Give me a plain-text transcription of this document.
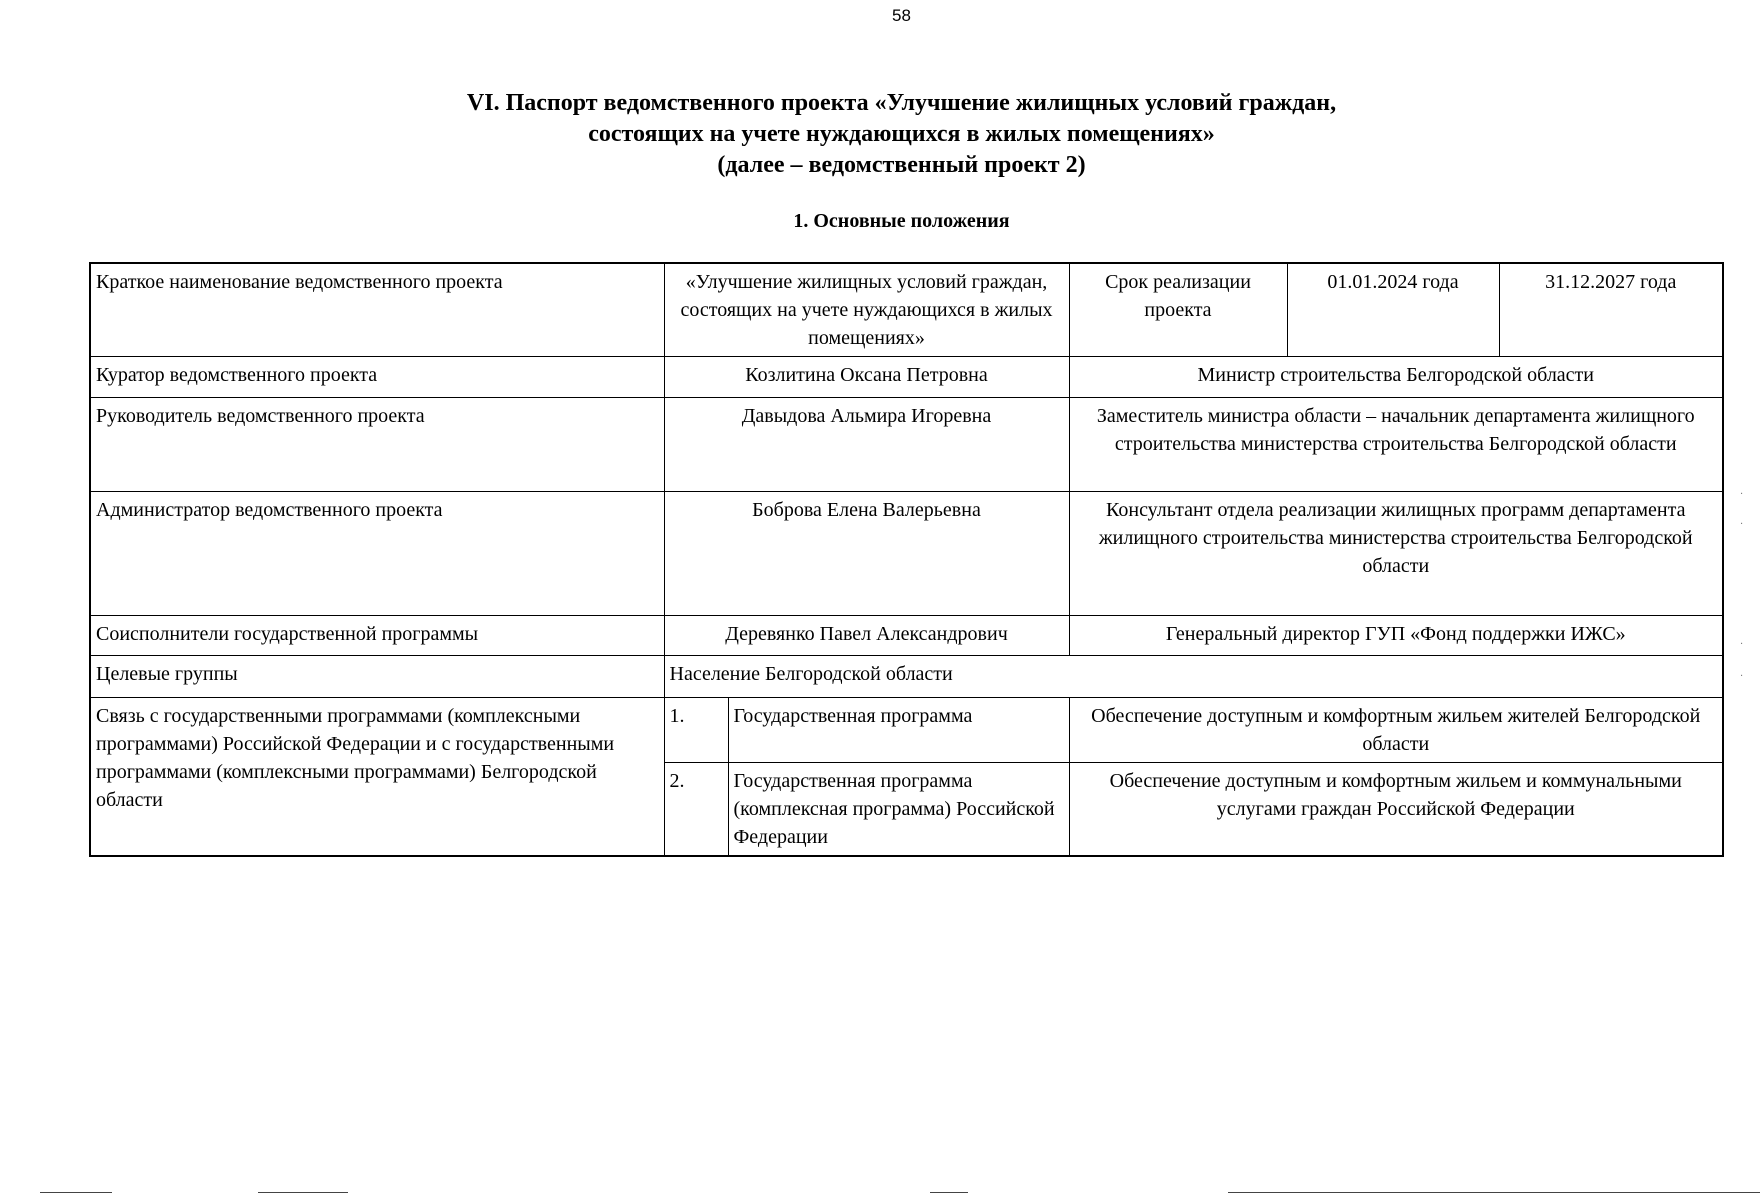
58
VI. Паспорт ведомственного проекта «Улучшение жилищных условий граждан,
состоящих на учете нуждающихся в жилых помещениях»
(далее – ведомственный проект 2)
1. Основные положения
Краткое наименование ведомственного проекта	«Улучшение жилищных условий граждан, состоящих на учете нуждающихся в жилых помещениях»		Срок реализации проекта	01.01.2024 года	31.12.2027 года
Куратор ведомственного проекта	Козлитина Оксана Петровна		Министр строительства Белгородской области		
Руководитель ведомственного проекта	Давыдова Альмира Игоревна		Заместитель министра области – начальник департамента жилищного строительства министерства строительства Белгородской области		
Администратор ведомственного проекта	Боброва Елена Валерьевна		Консультант отдела реализации жилищных программ департамента жилищного строительства министерства строительства Белгородской области		
Соисполнители государственной программы	Деревянко Павел Александрович		Генеральный директор ГУП «Фонд поддержки ИЖС»		
Целевые группы	Население Белгородской области				
Связь с государственными программами (комплексными программами) Российской Федерации и с государственными программами (комплексными программами) Белгородской области	1.	Государственная программа	Обеспечение доступным и комфортным жильем жителей Белгородской области		
	2.	Государственная программа (комплексная программа) Российской Федерации	Обеспечение доступным и комфортным жильем и коммунальными услугами граждан Российской Федерации		
·
·
·
·
